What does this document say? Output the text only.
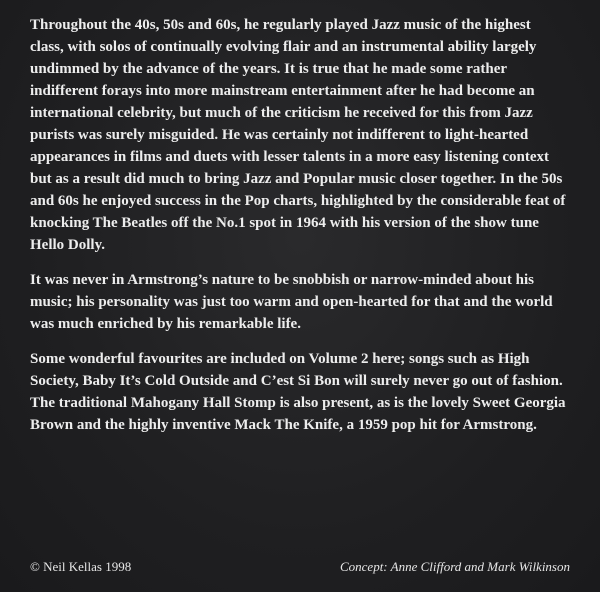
Throughout the 40s, 50s and 60s, he regularly played Jazz music of the highest class, with solos of continually evolving flair and an instrumental ability largely undimmed by the advance of the years. It is true that he made some rather indifferent forays into more mainstream entertainment after he had become an international celebrity, but much of the criticism he received for this from Jazz purists was surely misguided. He was certainly not indifferent to light-hearted appearances in films and duets with lesser talents in a more easy listening context but as a result did much to bring Jazz and Popular music closer together. In the 50s and 60s he enjoyed success in the Pop charts, highlighted by the considerable feat of knocking The Beatles off the No.1 spot in 1964 with his version of the show tune Hello Dolly.

It was never in Armstrong’s nature to be snobbish or narrow-minded about his music; his personality was just too warm and open-hearted for that and the world was much enriched by his remarkable life.

Some wonderful favourites are included on Volume 2 here; songs such as High Society, Baby It’s Cold Outside and C’est Si Bon will surely never go out of fashion. The traditional Mahogany Hall Stomp is also present, as is the lovely Sweet Georgia Brown and the highly inventive Mack The Knife, a 1959 pop hit for Armstrong.

© Neil Kellas 1998	Concept: Anne Clifford and Mark Wilkinson
